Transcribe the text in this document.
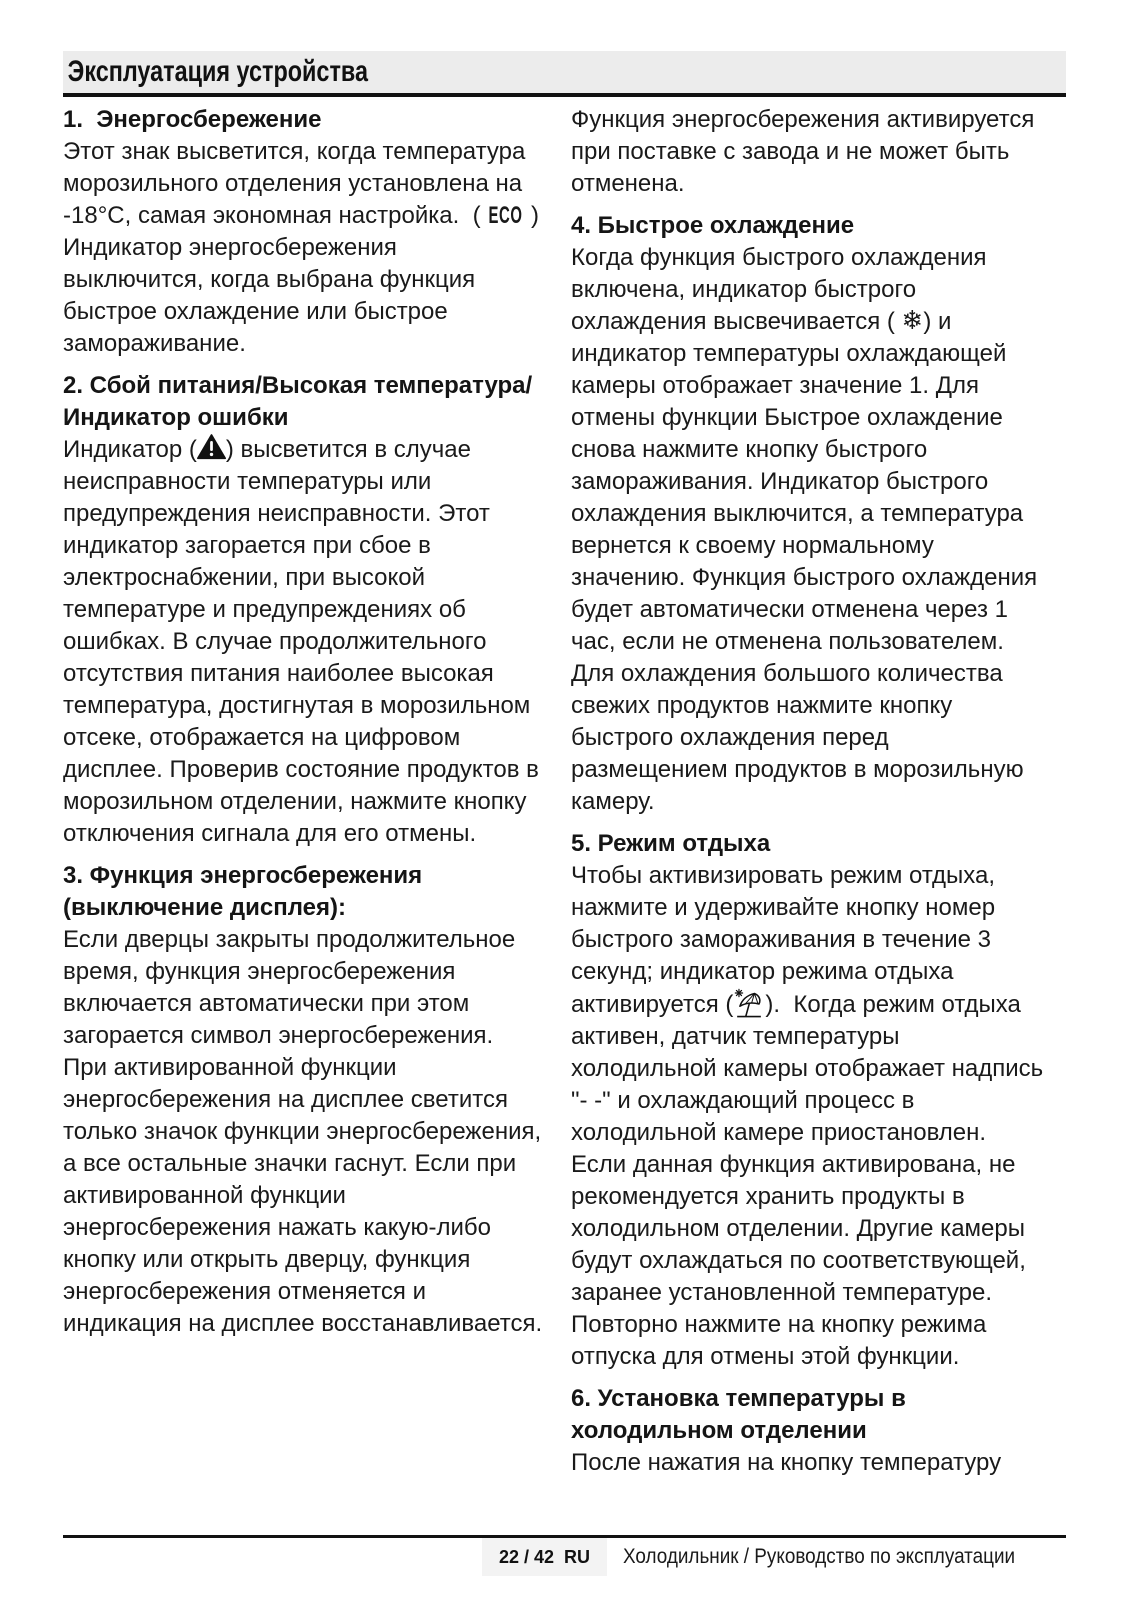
Эксплуатация устройства
1.  Энергосбережение

Этот знак высветится, когда температура морозильного отделения установлена на -18°C, самая экономная настройка.  ( ECO ) Индикатор энергосбережения выключится, когда выбрана функция быстрое охлаждение или быстрое замораживание.

2. Сбой питания/Высокая температура/Индикатор ошибки

Индикатор ( ) высветится в случае неисправности температуры или предупреждения неисправности. Этот индикатор загорается при сбое в электроснабжении, при высокой температуре и предупреждениях об ошибках. В случае продолжительного отсутствия питания наиболее высокая температура, достигнутая в морозильном отсеке, отображается на цифровом дисплее. Проверив состояние продуктов в морозильном отделении, нажмите кнопку отключения сигнала для его отмены.

3. Функция энергосбережения (выключение дисплея):

Если дверцы закрыты продолжительное время, функция энергосбережения включается автоматически при этом загорается символ энергосбережения.

При активированной функции энергосбережения на дисплее светится только значок функции энергосбережения, а все остальные значки гаснут. Если при активированной функции энергосбережения нажать какую-либо кнопку или открыть дверцу, функция энергосбережения отменяется и индикация на дисплее восстанавливается.

Функция энергосбережения активируется при поставке с завода и не может быть отменена.

4. Быстрое охлаждение

Когда функция быстрого охлаждения включена, индикатор быстрого охлаждения высвечивается ( ❄) и индикатор температуры охлаждающей камеры отображает значение 1. Для отмены функции Быстрое охлаждение снова нажмите кнопку быстрого замораживания. Индикатор быстрого охлаждения выключится, а температура вернется к своему нормальному значению. Функция быстрого охлаждения будет автоматически отменена через 1 час, если не отменена пользователем. Для охлаждения большого количества свежих продуктов нажмите кнопку быстрого охлаждения перед размещением продуктов в морозильную камеру.

5. Режим отдыха

Чтобы активизировать режим отдыха, нажмите и удерживайте кнопку номер быстрого замораживания в течение 3 секунд; индикатор режима отдыха активируется ( ).  Когда режим отдыха активен, датчик температуры холодильной камеры отображает надпись  "- -" и охлаждающий процесс в холодильной камере приостановлен.  Если данная функция активирована, не рекомендуется хранить продукты в холодильном отделении. Другие камеры будут охлаждаться по соответствующей, заранее установленной температуре. Повторно нажмите на кнопку режима отпуска для отмены этой функции.

6. Установка температуры в холодильном отделении

После нажатия на кнопку температуру

22 / 42  RU	Холодильник / Руководство по эксплуатации
